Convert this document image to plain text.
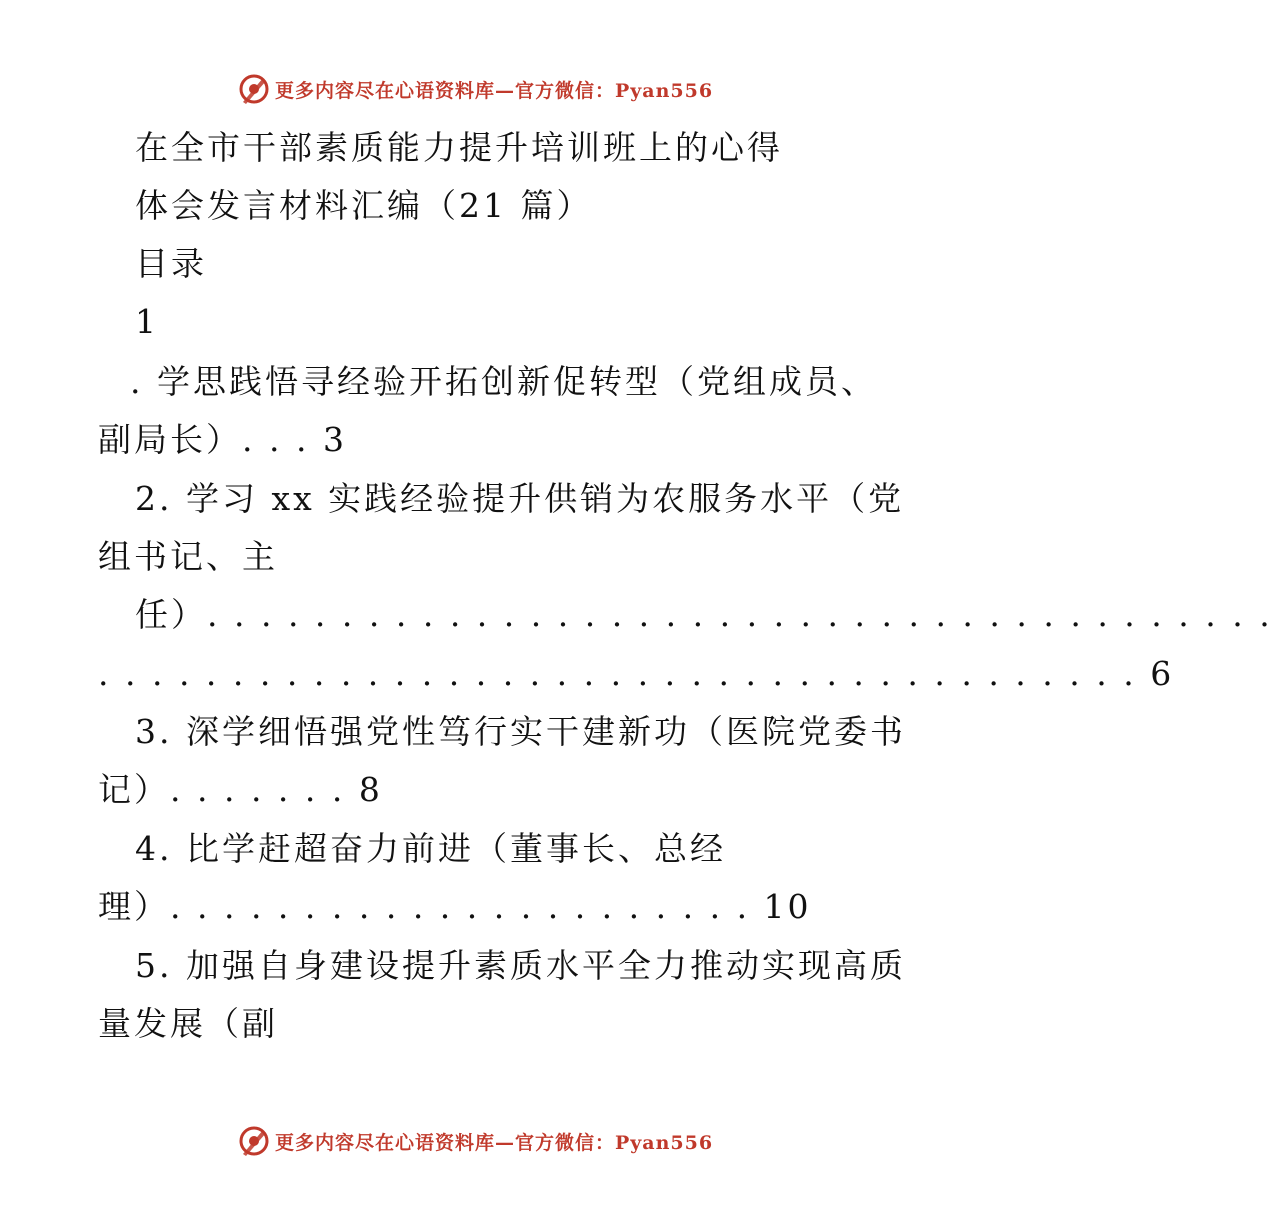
更多内容尽在心语资料库—官方微信：Pyan556
在全市干部素质能力提升培训班上的心得
体会发言材料汇编（21 篇）
目录
1
. 学思践悟寻经验开拓创新促转型（党组成员、
副局长）. . . 3
2. 学习 xx 实践经验提升供销为农服务水平（党
组书记、主
任）. . . . . . . . . . . . . . . . . . . . . . . . . . . . . . . . . . . . . . . .
. . . . . . . . . . . . . . . . . . . . . . . . . . . . . . . . . . . . . . . 6
3. 深学细悟强党性笃行实干建新功（医院党委书
记）. . . . . . . 8
4. 比学赶超奋力前进（董事长、总经
理）. . . . . . . . . . . . . . . . . . . . . . 10
5. 加强自身建设提升素质水平全力推动实现高质
量发展（副
更多内容尽在心语资料库—官方微信：Pyan556
